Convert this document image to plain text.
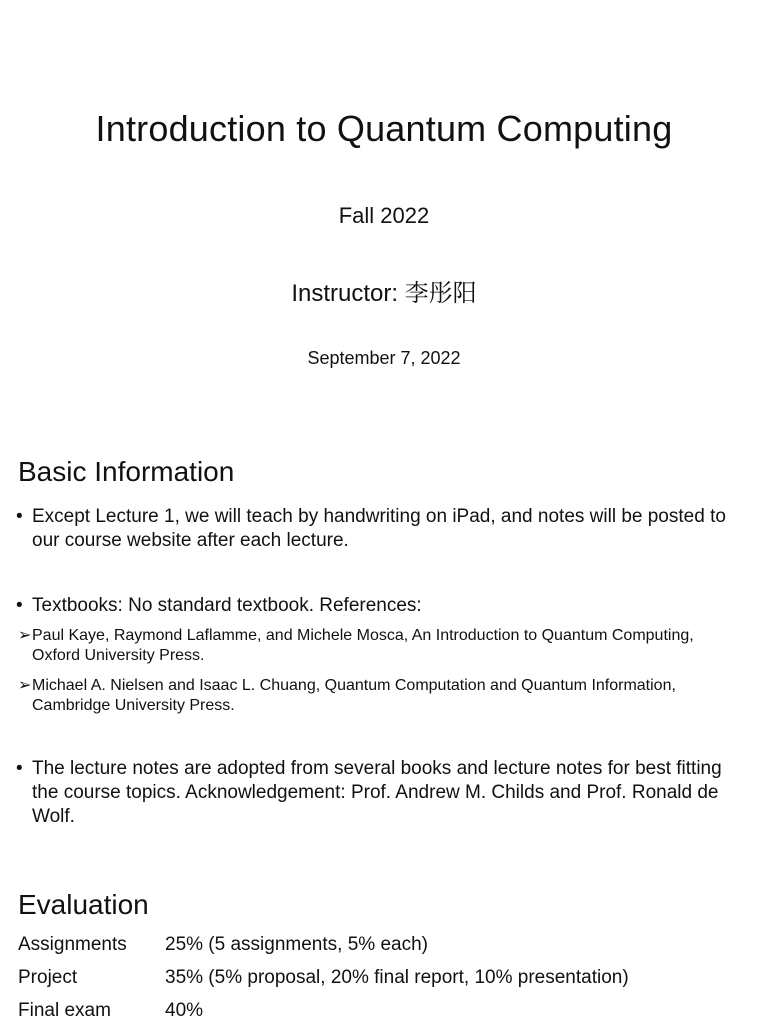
Introduction to Quantum Computing
Fall 2022
Instructor: 李彤阳
September 7, 2022
Basic Information
• Except Lecture 1, we will teach by handwriting on iPad, and notes will be posted to our course website after each lecture.
• Textbooks: No standard textbook. References:
➢Paul Kaye, Raymond Laflamme, and Michele Mosca, An Introduction to Quantum Computing, Oxford University Press.
➢Michael A. Nielsen and Isaac L. Chuang, Quantum Computation and Quantum Information, Cambridge University Press.
• The lecture notes are adopted from several books and lecture notes for best fitting the course topics. Acknowledgement: Prof. Andrew M. Childs and Prof. Ronald de Wolf.
Evaluation
Assignments	25% (5 assignments, 5% each)
Project	35% (5% proposal, 20% final report, 10% presentation)
Final exam	40%
